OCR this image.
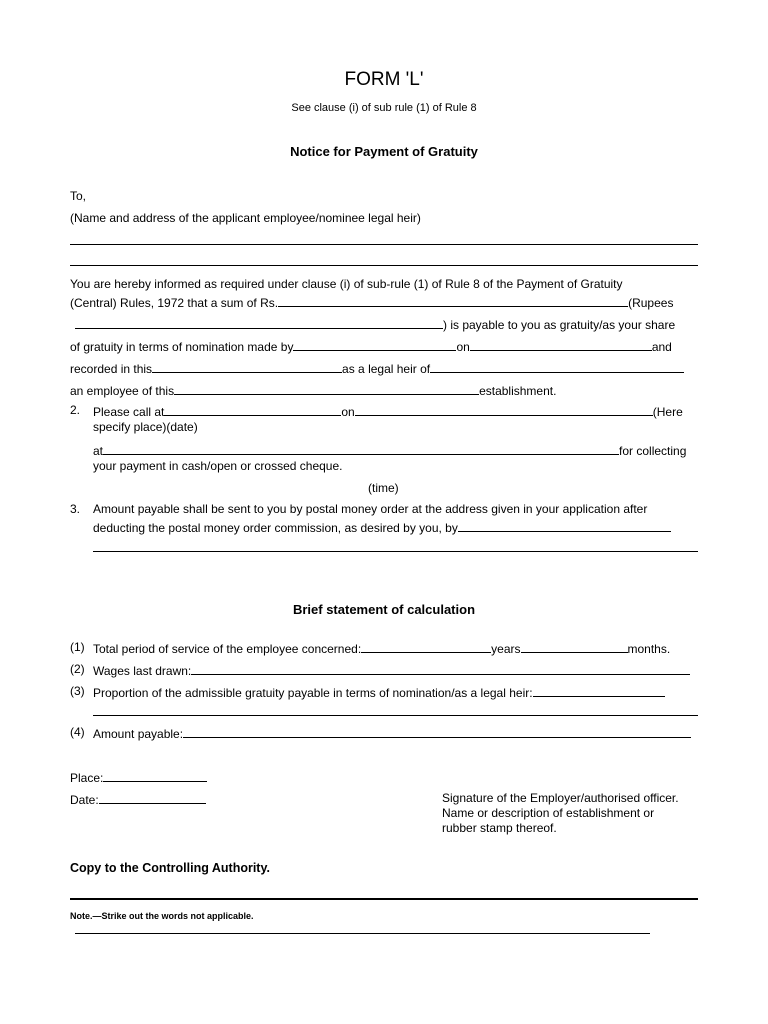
FORM 'L'
See clause (i) of sub rule (1) of Rule 8
Notice for Payment of Gratuity
To,
(Name and address of the applicant employee/nominee legal heir)
You are hereby informed as required under clause (i) of sub-rule (1) of Rule 8 of the Payment of Gratuity
(Central) Rules, 1972 that a sum of Rs.	(Rupees
) is payable to you as gratuity/as your share
of gratuity in terms of nomination made by	on	and
recorded in this	as a legal heir of
an employee of this	establishment.
2. Please call at	on	(Here
specify place)(date)
at	for collecting
your payment in cash/open or crossed cheque.
(time)
3. Amount payable shall be sent to you by postal money order at the address given in your application after
deducting the postal money order commission, as desired by you, by
Brief statement of calculation
(1) Total period of service of the employee concerned:	years	months.
(2) Wages last drawn:
(3) Proportion of the admissible gratuity payable in terms of nomination/as a legal heir:
(4) Amount payable:
Place:
Date:	Signature of the Employer/authorised officer.
Name or description of establishment or
rubber stamp thereof.
Copy to the Controlling Authority.
Note.—Strike out the words not applicable.
